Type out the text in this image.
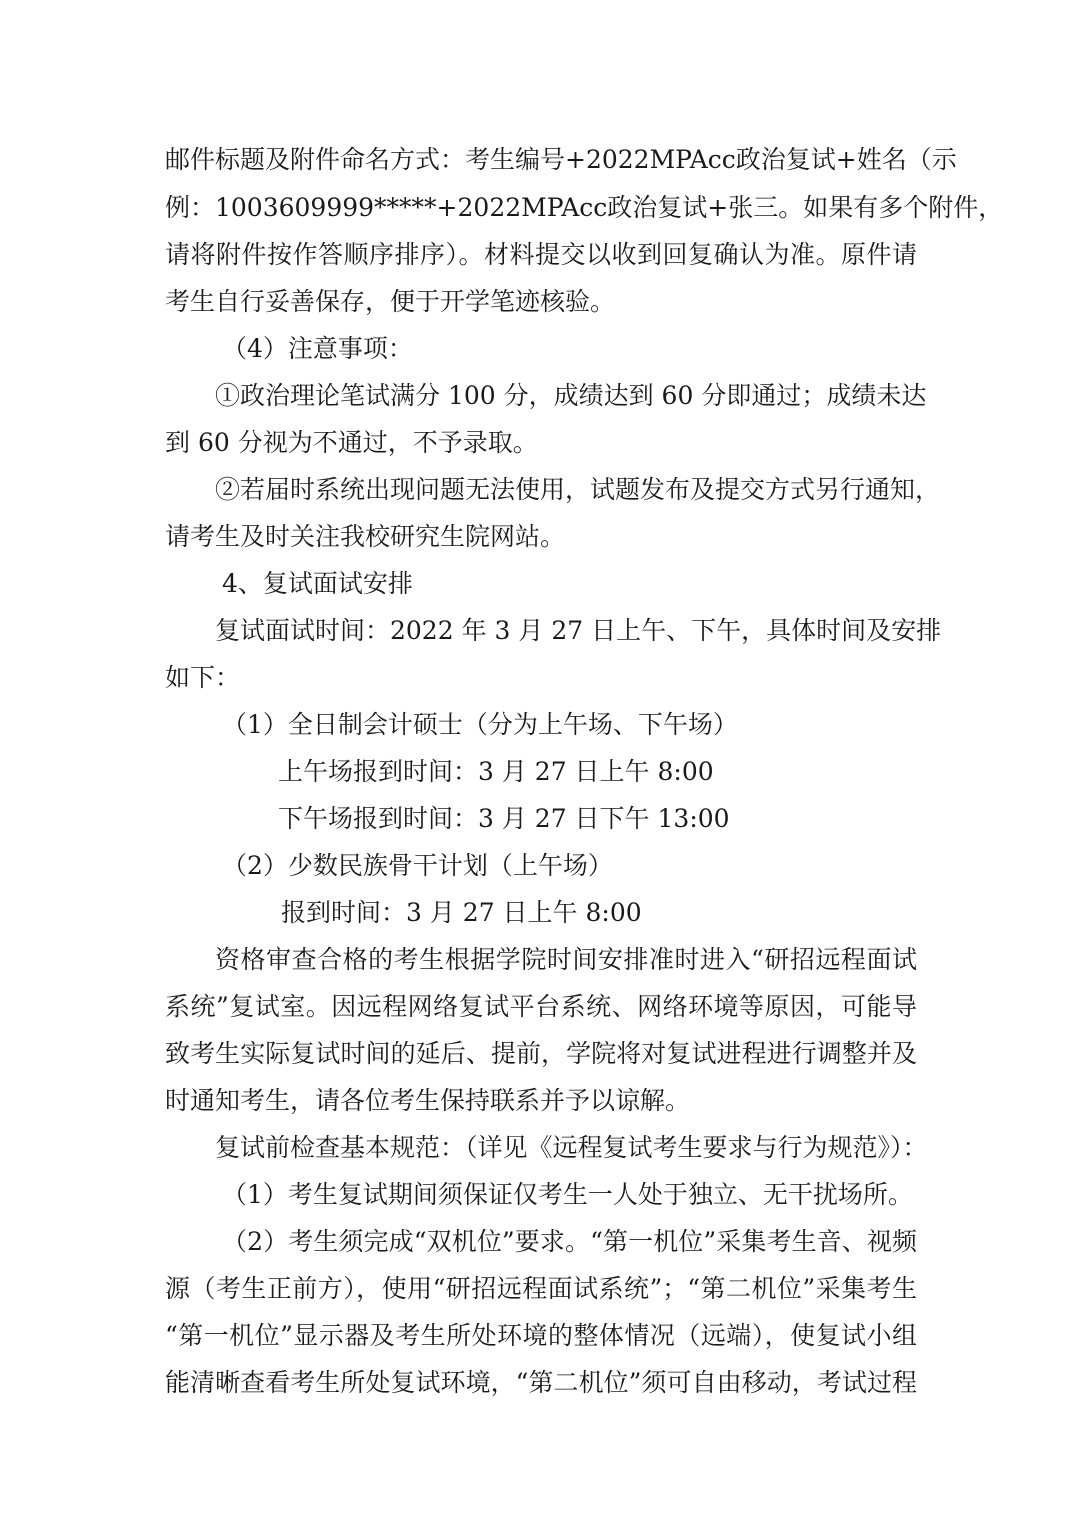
邮件标题及附件命名方式：考生编号+2022MPAcc政治复试+姓名（示
例：1003609999*****+2022MPAcc政治复试+张三。如果有多个附件，
请将附件按作答顺序排序）。材料提交以收到回复确认为准。原件请
考生自行妥善保存，便于开学笔迹核验。
（4）注意事项：
①政治理论笔试满分 100 分，成绩达到 60 分即通过；成绩未达
到 60 分视为不通过，不予录取。
②若届时系统出现问题无法使用，试题发布及提交方式另行通知，
请考生及时关注我校研究生院网站。
4、复试面试安排
复试面试时间：2022 年 3 月 27 日上午、下午，具体时间及安排
如下：
（1）全日制会计硕士（分为上午场、下午场）
上午场报到时间：3 月 27 日上午 8:00
下午场报到时间：3 月 27 日下午 13:00
（2）少数民族骨干计划（上午场）
报到时间：3 月 27 日上午 8:00
资格审查合格的考生根据学院时间安排准时进入“研招远程面试
系统”复试室。因远程网络复试平台系统、网络环境等原因，可能导
致考生实际复试时间的延后、提前，学院将对复试进程进行调整并及
时通知考生，请各位考生保持联系并予以谅解。
复试前检查基本规范：（详见《远程复试考生要求与行为规范》）：
（1）考生复试期间须保证仅考生一人处于独立、无干扰场所。
（2）考生须完成“双机位”要求。“第一机位”采集考生音、视频
源（考生正前方），使用“研招远程面试系统”；“第二机位”采集考生
“第一机位”显示器及考生所处环境的整体情况（远端），使复试小组
能清晰查看考生所处复试环境，“第二机位”须可自由移动，考试过程
